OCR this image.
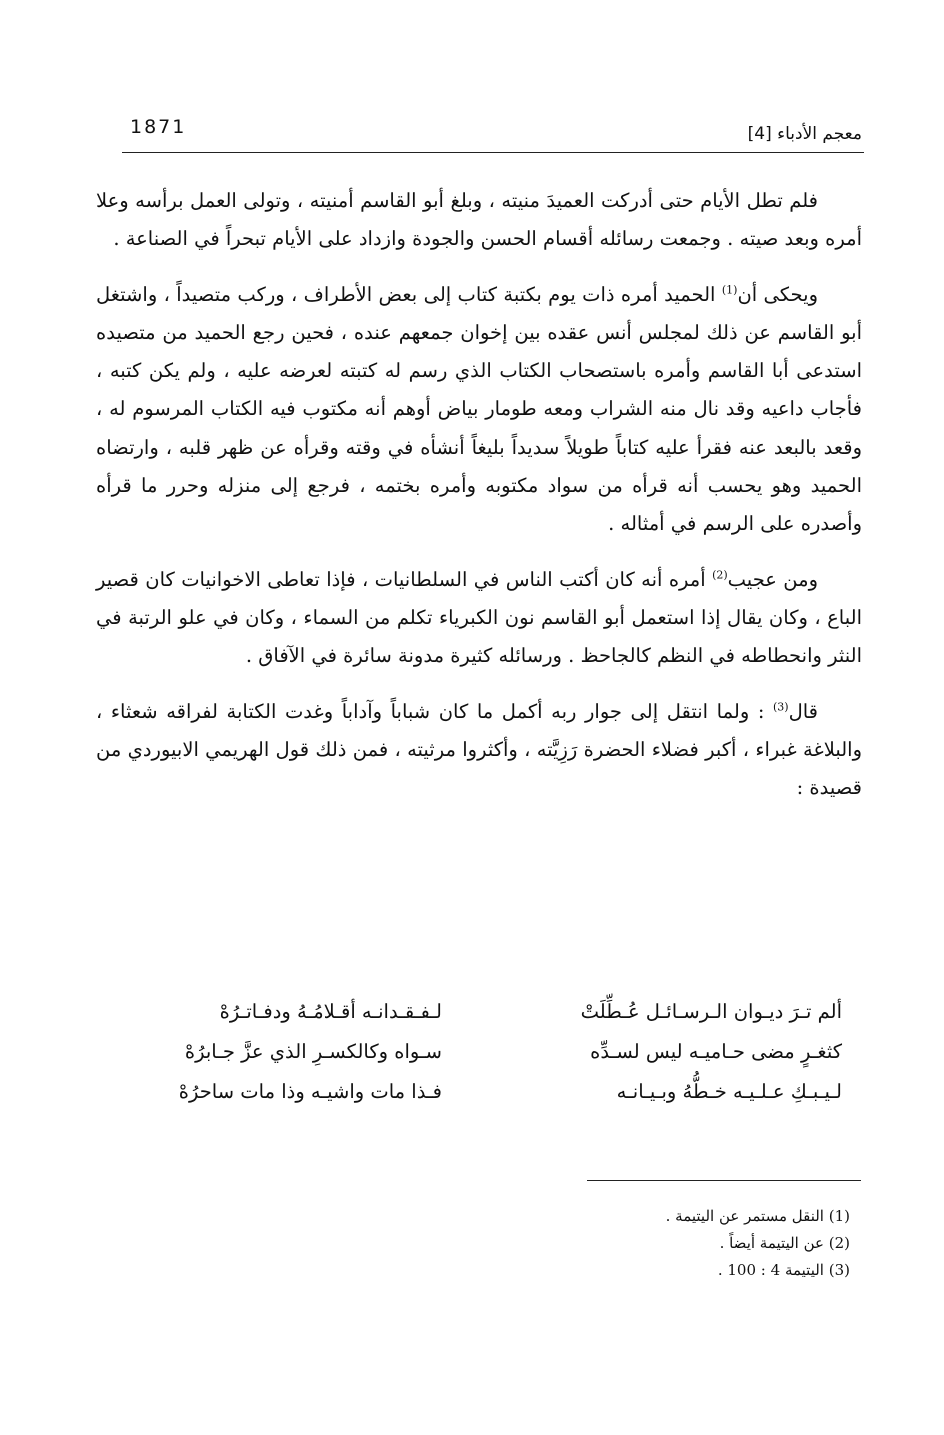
1871	معجم الأدباء [4]

فلم تطل الأيام حتى أدركت العميدَ منيته ، وبلغ أبو القاسم أمنيته ، وتولى العمل برأسه وعلا أمره وبعد صيته . وجمعت رسائله أقسام الحسن والجودة وازداد على الأيام تبحراً في الصناعة .

ويحكى أن$^{(1)}$ الحميد أمره ذات يوم بكتبة كتاب إلى بعض الأطراف ، وركب متصيداً ، واشتغل أبو القاسم عن ذلك لمجلس أنس عقده بين إخوان جمعهم عنده ، فحين رجع الحميد من متصيده استدعى أبا القاسم وأمره باستصحاب الكتاب الذي رسم له كتبته لعرضه عليه ، ولم يكن كتبه ، فأجاب داعيه وقد نال منه الشراب ومعه طومار بياض أوهم أنه مكتوب فيه الكتاب المرسوم له ، وقعد بالبعد عنه فقرأ عليه كتاباً طويلاً سديداً بليغاً أنشأه في وقته وقرأه عن ظهر قلبه ، وارتضاه الحميد وهو يحسب أنه قرأه من سواد مكتوبه وأمره بختمه ، فرجع إلى منزله وحرر ما قرأه وأصدره على الرسم في أمثاله .

ومن عجيب$^{(2)}$ أمره أنه كان أكتب الناس في السلطانيات ، فإذا تعاطى الاخوانيات كان قصير الباع ، وكان يقال إذا استعمل أبو القاسم نون الكبرياء تكلم من السماء ، وكان في علو الرتبة في النثر وانحطاطه في النظم كالجاحظ . ورسائله كثيرة مدونة سائرة في الآفاق .

قال$^{(3)}$ : ولما انتقل إلى جوار ربه أكمل ما كان شباباً وآداباً وغدت الكتابة لفراقه شعثاء ، والبلاغة غبراء ، أكبر فضلاء الحضرة رَزِيَّته ، وأكثروا مرثيته ، فمن ذلك قول الهريمي الابيوردي من قصيدة :

ألم تـرَ ديـوان الـرسـائـل عُـطِّلَتْ
لـفـقـدانـه أقـلامُـهُ ودفـاتـرُهْ
كثغـرٍ مضى حـاميـه ليس لسـدِّه
سـواه وكالكسـرِ الذي عزَّ جـابرُهْ
لـيـبـكِ عـلـيـه خـطُّهُ وبـيـانـه
فـذا مات واشيـه وذا مات ساحرُهْ
(1) النقل مستمر عن اليتيمة .
(2) عن اليتيمة أيضاً .
(3) اليتيمة 4 : 100 .
